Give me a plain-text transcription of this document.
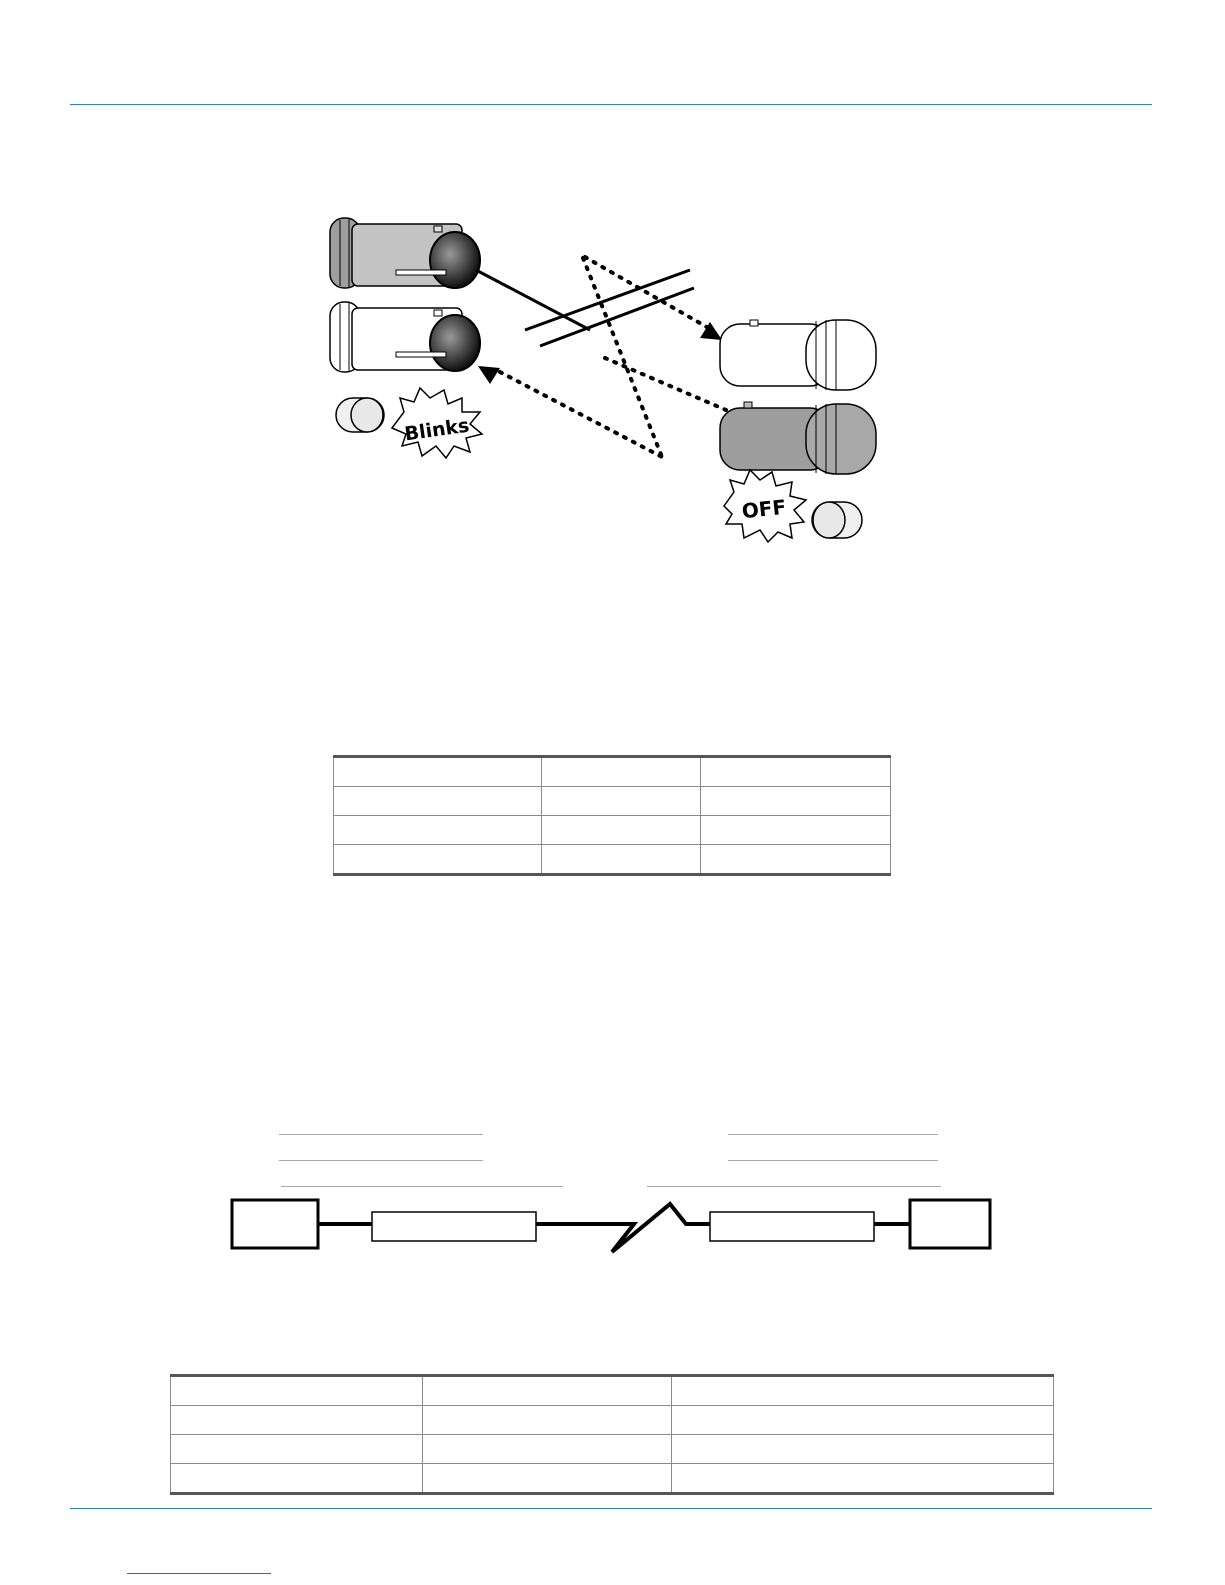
Blinks
OFF
